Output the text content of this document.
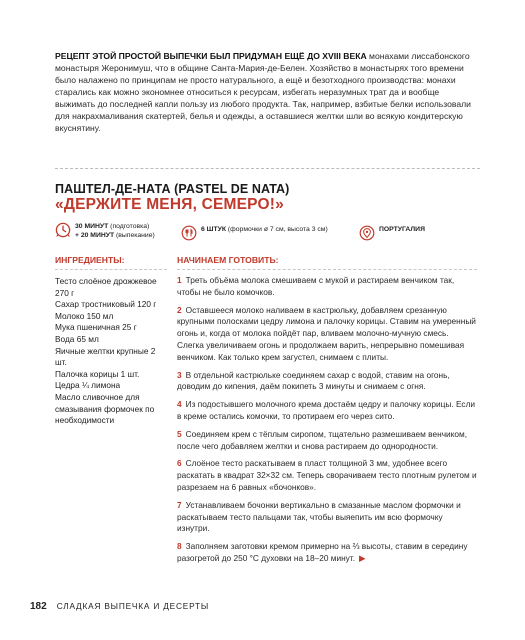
РЕЦЕПТ ЭТОЙ ПРОСТОЙ ВЫПЕЧКИ БЫЛ ПРИДУМАН ЕЩЁ ДО XVIII ВЕКА монахами лиссабонского монастыря Жеронимуш, что в общине Санта-Мария-де-Белен. Хозяйство в монастырях того времени было налажено по принципам не просто натурального, а ещё и безотходного производства: монахи старались как можно экономнее относиться к ресурсам, избегать неразумных трат да и вообще выжимать до последней капли пользу из любого продукта. Так, например, взбитые белки использовали для накрахмаливания скатертей, белья и одежды, а оставшиеся желтки шли во всякую кондитерскую вкуснятину.
ПАШТЕЛ-ДЕ-НАТА (PASTEL DE NATA)
«ДЕРЖИТЕ МЕНЯ, СЕМЕРО!»
30 МИНУТ (подготовка)
+ 20 МИНУТ (выпекание)
6 ШТУК (формочки ø 7 см, высота 3 см)	ПОРТУГАЛИЯ
ИНГРЕДИЕНТЫ:

Тесто слоёное дрожжевое 270 г

Сахар тростниковый 120 г

Молоко 150 мл

Мука пшеничная 25 г

Вода 65 мл

Яичные желтки крупные 2 шт.

Палочка корицы 1 шт.

Цедра ¼ лимона

Масло сливочное для смазывания формочек по необходимости

НАЧИНАЕМ ГОТОВИТЬ:

1 Треть объёма молока смешиваем с мукой и растираем венчиком так, чтобы не было комочков.

2 Оставшееся молоко наливаем в кастрюльку, добавляем срезанную крупными полосками цедру лимона и палочку корицы. Ставим на умеренный огонь и, когда от молока пойдёт пар, вливаем молочно-мучную смесь. Слегка увеличиваем огонь и продолжаем варить, непрерывно помешивая венчиком. Как только крем загустел, снимаем с плиты.

3 В отдельной кастрюльке соединяем сахар с водой, ставим на огонь, доводим до кипения, даём покипеть 3 минуты и снимаем с огня.

4 Из подостывшего молочного крема достаём цедру и палочку корицы. Если в креме остались комочки, то протираем его через сито.

5 Соединяем крем с тёплым сиропом, тщательно размешиваем венчиком, после чего добавляем желтки и снова растираем до однородности.

6 Слоёное тесто раскатываем в пласт толщиной 3 мм, удобнее всего раскатать в квадрат 32×32 см. Теперь сворачиваем тесто плотным рулетом и разрезаем на 6 равных «бочонков».

7 Устанавливаем бочонки вертикально в смазанные маслом формочки и раскатываем тесто пальцами так, чтобы выяепить им всю формочку изнутри.

8 Заполняем заготовки кремом примерно на ⅔ высоты, ставим в середину разогретой до 250 °С духовки на 18–20 минут. ▶

182 СЛАДКАЯ ВЫПЕЧКА И ДЕСЕРТЫ
